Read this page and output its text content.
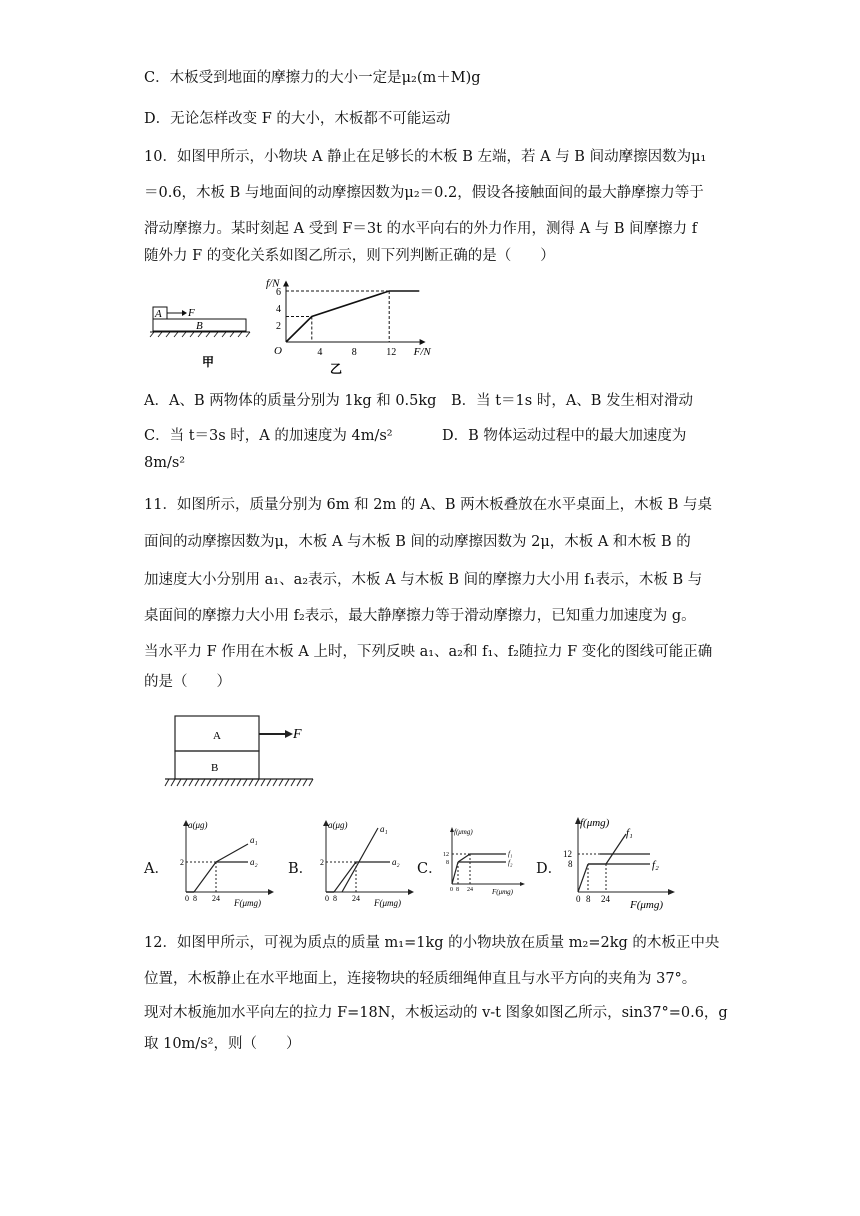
C．木板受到地面的摩擦力的大小一定是μ₂(m＋M)g
D．无论怎样改变 F 的大小，木板都不可能运动
10．如图甲所示，小物块 A 静止在足够长的木板 B 左端，若 A 与 B 间动摩擦因数为μ₁
＝0.6，木板 B 与地面间的动摩擦因数为μ₂＝0.2，假设各接触面间的最大静摩擦力等于
滑动摩擦力。某时刻起 A 受到 F＝3t 的水平向右的外力作用，测得 A 与 B 间摩擦力 f
随外力 F 的变化关系如图乙所示，则下列判断正确的是（　　）
A F
B
甲
f/N
F/N
O
2
4
6
4	8	12
乙
A．A、B 两物体的质量分别为 1kg 和 0.5kg　B．当 t＝1s 时，A、B 发生相对滑动
C．当 t＝3s 时，A 的加速度为 4m/s²	D．B 物体运动过程中的最大加速度为
8m/s²
11．如图所示，质量分别为 6m 和 2m 的 A、B 两木板叠放在水平桌面上，木板 B 与桌
面间的动摩擦因数为μ，木板 A 与木板 B 间的动摩擦因数为 2μ，木板 A 和木板 B 的
加速度大小分别用 a₁、a₂表示，木板 A 与木板 B 间的摩擦力大小用 f₁表示，木板 B 与
桌面间的摩擦力大小用 f₂表示，最大静摩擦力等于滑动摩擦力，已知重力加速度为 g。
当水平力 F 作用在木板 A 上时，下列反映 a₁、a₂和 f₁、f₂随拉力 F 变化的图线可能正确
的是（　　）
A
B
F
A．
a(μg)
F(μmg)
a₁
a₂
2
0 8 24
B．
a(μg)
F(μmg)
a₁
a₂
2
0 8 24
C．
f(μmg)
F(μmg)
f₁
f₂
12
8
0 8 24
D．
f(μmg)
F(μmg)
f₁
f₂
12
8
0 8 24
12．如图甲所示，可视为质点的质量 m₁=1kg 的小物块放在质量 m₂=2kg 的木板正中央
位置，木板静止在水平地面上，连接物块的轻质细绳伸直且与水平方向的夹角为 37°。
现对木板施加水平向左的拉力 F=18N，木板运动的 v-t 图象如图乙所示，sin37°=0.6，g
取 10m/s²，则（　　）
